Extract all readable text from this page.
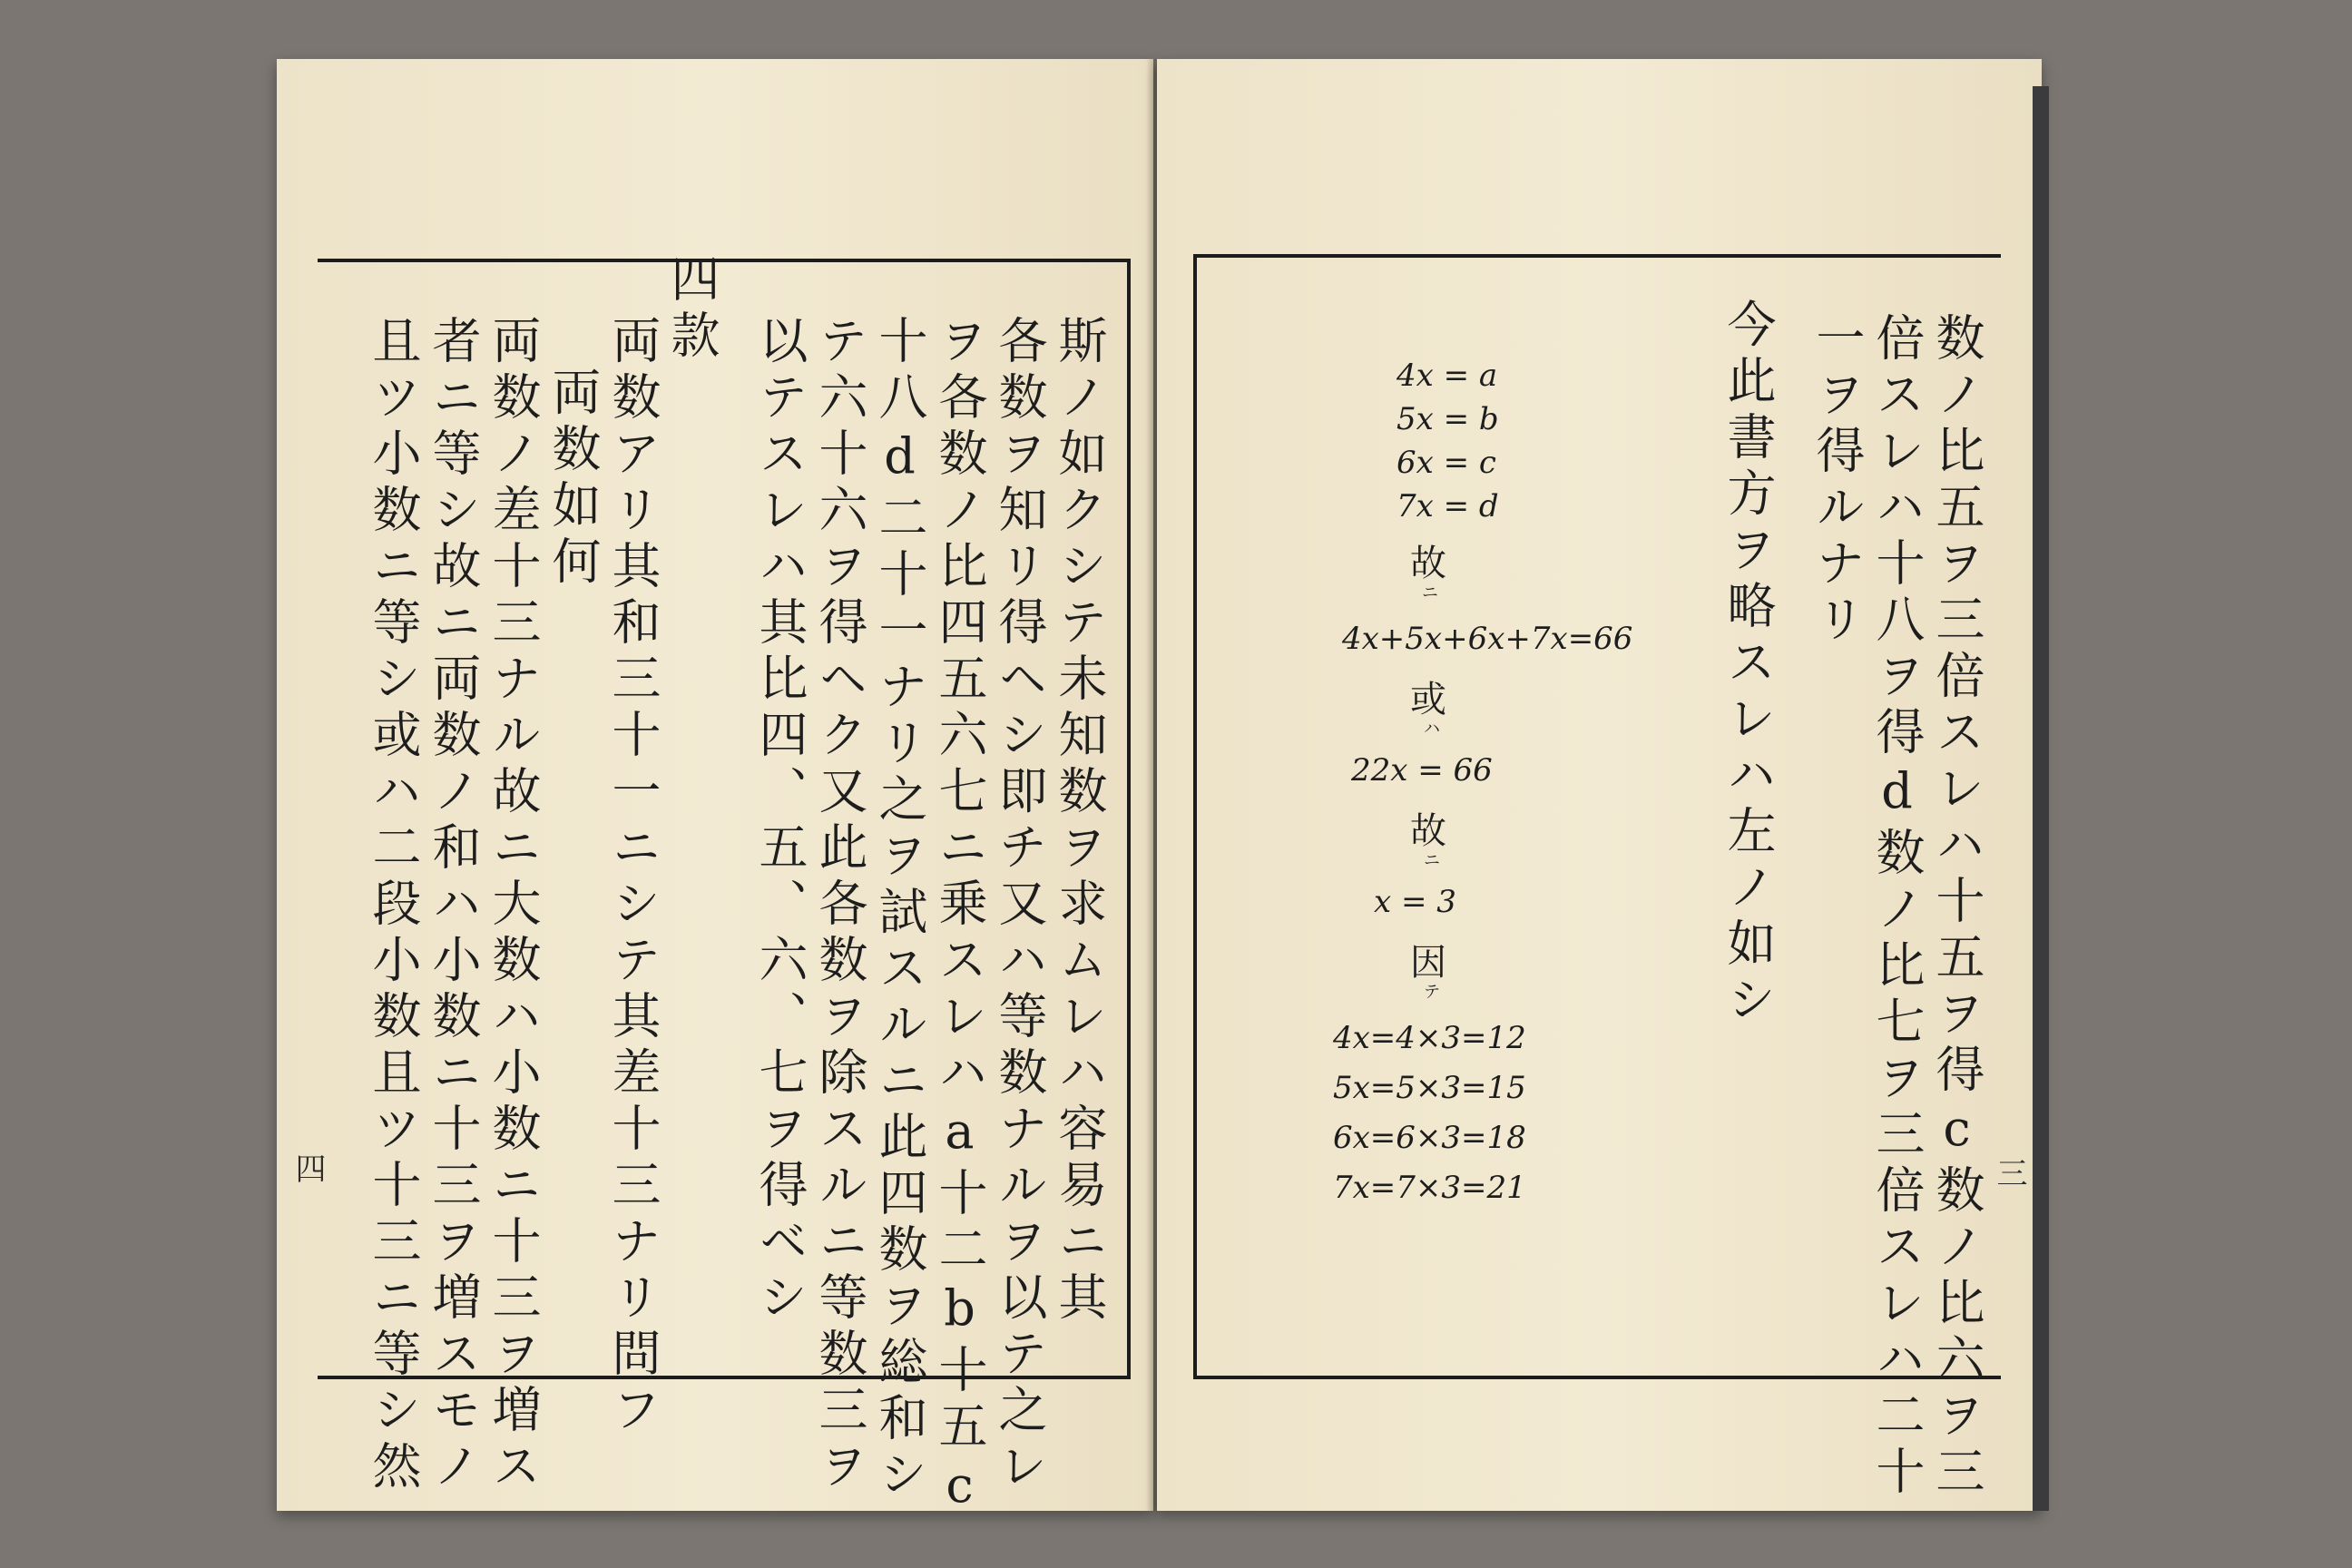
斯ノ如クシテ未知数ヲ求ムレハ容易ニ其
各数ヲ知リ得ヘシ即チ又ハ等数ナルヲ以テ之レ
ヲ各数ノ比四五六七ニ乗スレハa十二b十五c
十八d二十一ナリ之ヲ試スルニ此四数ヲ総和シ
テ六十六ヲ得ヘク又此各数ヲ除スルニ等数三ヲ
以テスレハ其比四、五、六、七ヲ得ベシ
四款
両数アリ其和三十一ニシテ其差十三ナリ問フ
両数如何
両数ノ差十三ナル故ニ大数ハ小数ニ十三ヲ増ス
者ニ等シ故ニ両数ノ和ハ小数ニ十三ヲ増スモノ
且ツ小数ニ等シ或ハ二段小数且ツ十三ニ等シ然
四	数ノ比五ヲ三倍スレハ十五ヲ得c数ノ比六ヲ三
倍スレハ十八ヲ得d数ノ比七ヲ三倍スレハ二十
一ヲ得ルナリ
今此書方ヲ略スレハ左ノ如シ
4x = a
5x = b
6x = c
7x = d
故
ニ
4x+5x+6x+7x=66
或
ハ
22x = 66
故
ニ
x = 3
因
テ
4x=4×3=12
5x=5×3=15
6x=6×3=18
7x=7×3=21	三
